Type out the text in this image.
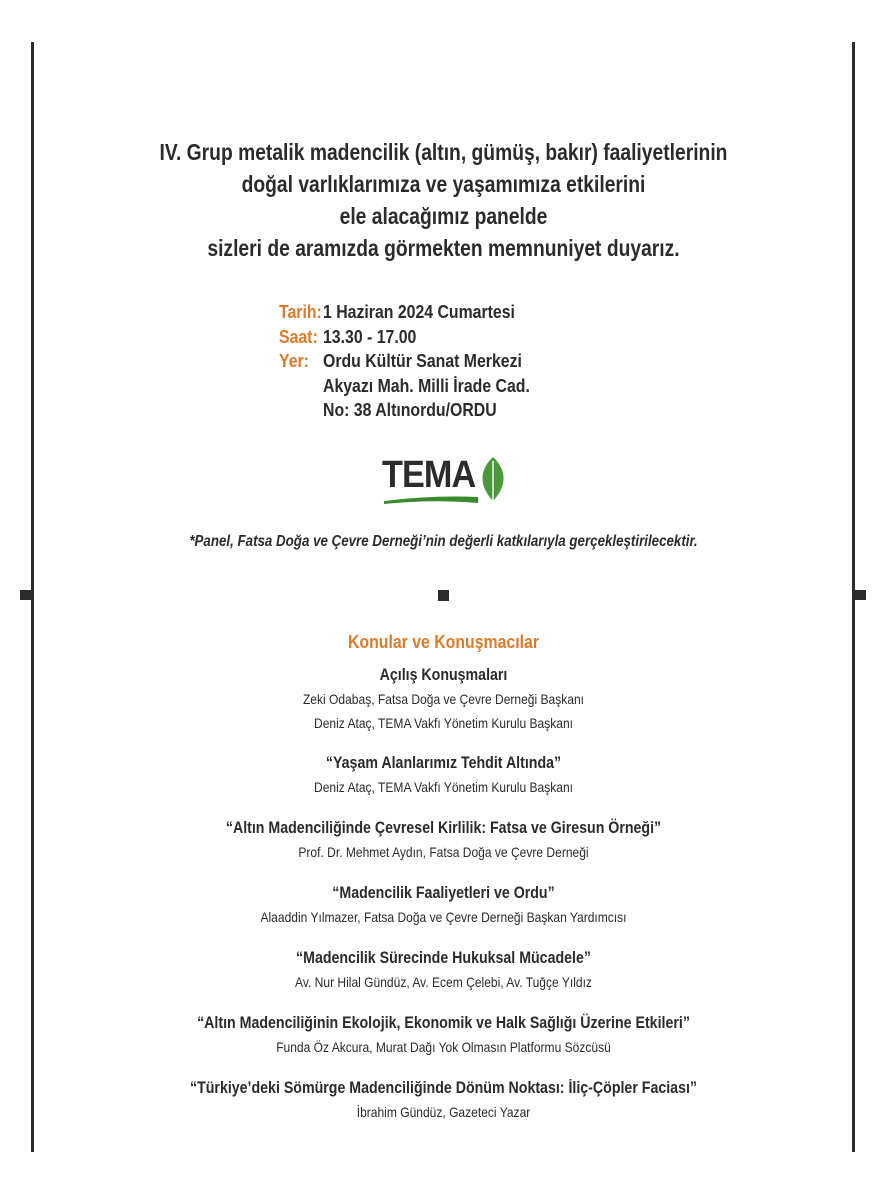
IV. Grup metalik madencilik (altın, gümüş, bakır) faaliyetlerinin
doğal varlıklarımıza ve yaşamımıza etkilerini
ele alacağımız panelde
sizleri de aramızda görmekten memnuniyet duyarız.
Tarih: 1 Haziran 2024 Cumartesi
Saat: 13.30 - 17.00
Yer: Ordu Kültür Sanat Merkezi
Akyazı Mah. Milli İrade Cad.
No: 38 Altınordu/ORDU
TEMA
*Panel, Fatsa Doğa ve Çevre Derneği’nin değerli katkılarıyla gerçekleştirilecektir.
Konular ve Konuşmacılar
Açılış Konuşmaları
Zeki Odabaş, Fatsa Doğa ve Çevre Derneği Başkanı
Deniz Ataç, TEMA Vakfı Yönetim Kurulu Başkanı
“Yaşam Alanlarımız Tehdit Altında”
Deniz Ataç, TEMA Vakfı Yönetim Kurulu Başkanı
“Altın Madenciliğinde Çevresel Kirlilik: Fatsa ve Giresun Örneği”
Prof. Dr. Mehmet Aydın, Fatsa Doğa ve Çevre Derneği
“Madencilik Faaliyetleri ve Ordu”
Alaaddin Yılmazer, Fatsa Doğa ve Çevre Derneği Başkan Yardımcısı
“Madencilik Sürecinde Hukuksal Mücadele”
Av. Nur Hilal Gündüz, Av. Ecem Çelebi, Av. Tuğçe Yıldız
“Altın Madenciliğinin Ekolojik, Ekonomik ve Halk Sağlığı Üzerine Etkileri”
Funda Öz Akcura, Murat Dağı Yok Olmasın Platformu Sözcüsü
“Türkiye’deki Sömürge Madenciliğinde Dönüm Noktası: İliç-Çöpler Faciası”
İbrahim Gündüz, Gazeteci Yazar
